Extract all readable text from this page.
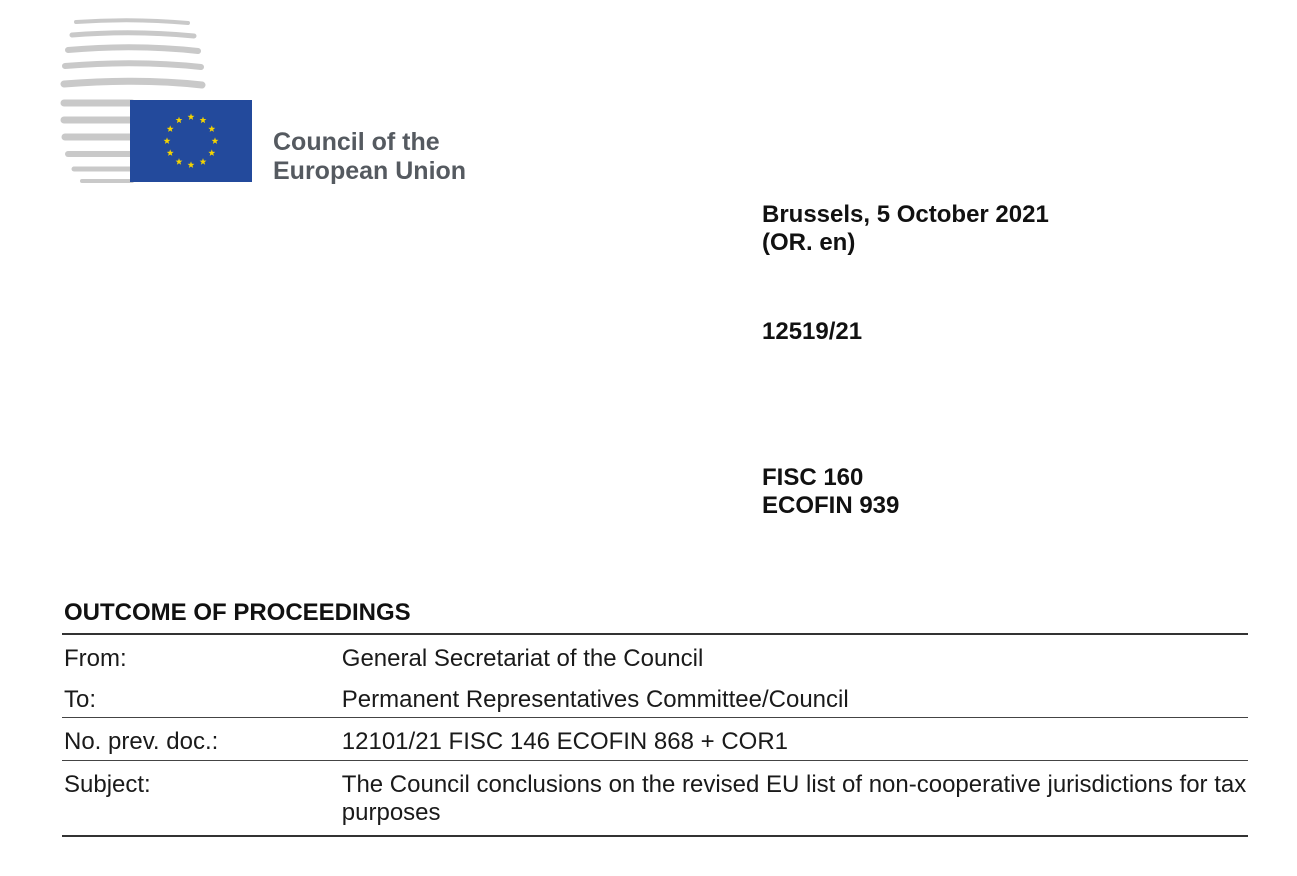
Council of the
European Union
Brussels, 5 October 2021
(OR. en)
12519/21
FISC 160
ECOFIN 939
OUTCOME OF PROCEEDINGS
From:	General Secretariat of the Council
To:	Permanent Representatives Committee/Council
No. prev. doc.:	12101/21 FISC 146 ECOFIN 868 + COR1
Subject:	The Council conclusions on the revised EU list of non-cooperative jurisdictions for tax purposes
